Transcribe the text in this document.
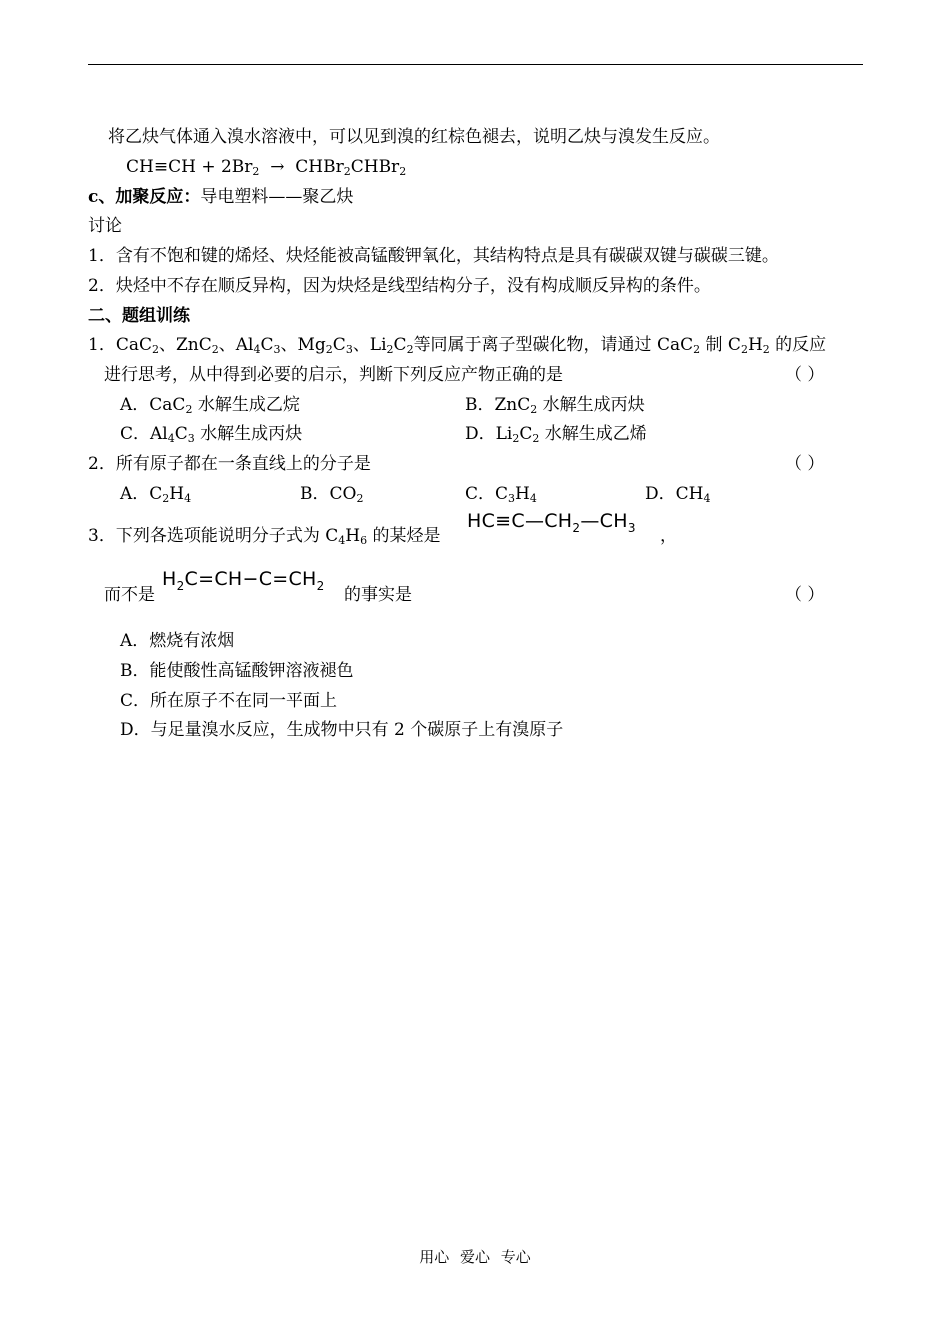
将乙炔气体通入溴水溶液中，可以见到溴的红棕色褪去，说明乙炔与溴发生反应。
$CH\equiv CH + 2Br_2$ → CHBr$_2$CHBr$_2$
c、加聚反应：导电塑料——聚乙炔
讨论
1．含有不饱和键的烯烃、炔烃能被高锰酸钾氧化，其结构特点是具有碳碳双键与碳碳三键。
2．炔烃中不存在顺反异构，因为炔烃是线型结构分子，没有构成顺反异构的条件。
二、题组训练
1．CaC$_2$、ZnC$_2$、$Al_4C_3$、$Mg_2C_3$、$Li_2C_2$等同属于离子型碳化物，请通过 CaC$_2$ 制 $C_2H_2$ 的反应
进行思考，从中得到必要的启示，判断下列反应产物正确的是	（ ）
A．CaC$_2$ 水解生成乙烷	B．ZnC$_2$ 水解生成丙炔
C．$Al_4C_3$ 水解生成丙炔	D．$Li_2C_2$ 水解生成乙烯
2．所有原子都在一条直线上的分子是	（ ）
A．$C_2H_4$	B．$CO_2$	C．$C_3H_4$	D．$CH_4$
3．下列各选项能说明分子式为 $C_4H_6$ 的某烃是
$HC\equiv C—CH_2—CH_3$ ，
而不是
$H_2C=CH-C=CH_2$ 的事实是	（ ）
A．燃烧有浓烟
B．能使酸性高锰酸钾溶液褪色
C．所在原子不在同一平面上
D．与足量溴水反应，生成物中只有 2 个碳原子上有溴原子
用心 爱心 专心
